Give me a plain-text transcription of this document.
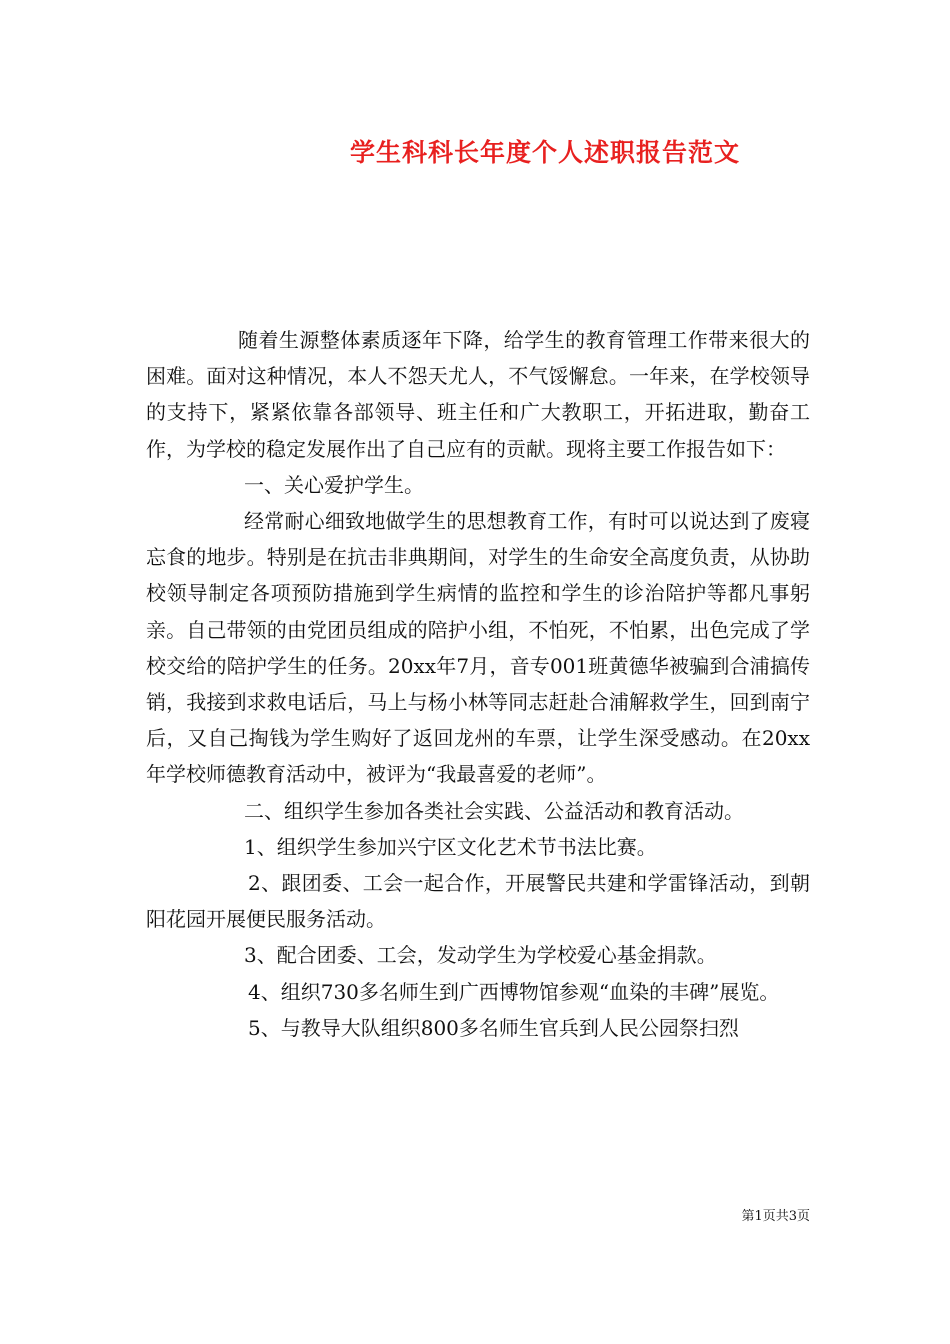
学生科科长年度个人述职报告范文

随着生源整体素质逐年下降，给学生的教育管理工作带来很大的困难。面对这种情况，本人不怨天尤人，不气馁懈怠。一年来，在学校领导的支持下，紧紧依靠各部领导、班主任和广大教职工，开拓进取，勤奋工作，为学校的稳定发展作出了自己应有的贡献。现将主要工作报告如下：

一、关心爱护学生。

经常耐心细致地做学生的思想教育工作，有时可以说达到了废寝忘食的地步。特别是在抗击非典期间，对学生的生命安全高度负责，从协助校领导制定各项预防措施到学生病情的监控和学生的诊治陪护等都凡事躬亲。自己带领的由党团员组成的陪护小组，不怕死，不怕累，出色完成了学校交给的陪护学生的任务。20xx年7月，音专001班黄德华被骗到合浦搞传销，我接到求救电话后，马上与杨小林等同志赶赴合浦解救学生，回到南宁后，又自己掏钱为学生购好了返回龙州的车票，让学生深受感动。在20xx年学校师德教育活动中，被评为“我最喜爱的老师”。

二、组织学生参加各类社会实践、公益活动和教育活动。

1、组织学生参加兴宁区文化艺术节书法比赛。

2、跟团委、工会一起合作，开展警民共建和学雷锋活动，到朝阳花园开展便民服务活动。

3、配合团委、工会，发动学生为学校爱心基金捐款。

4、组织730多名师生到广西博物馆参观“血染的丰碑”展览。

5、与教导大队组织800多名师生官兵到人民公园祭扫烈

第1页共3页
